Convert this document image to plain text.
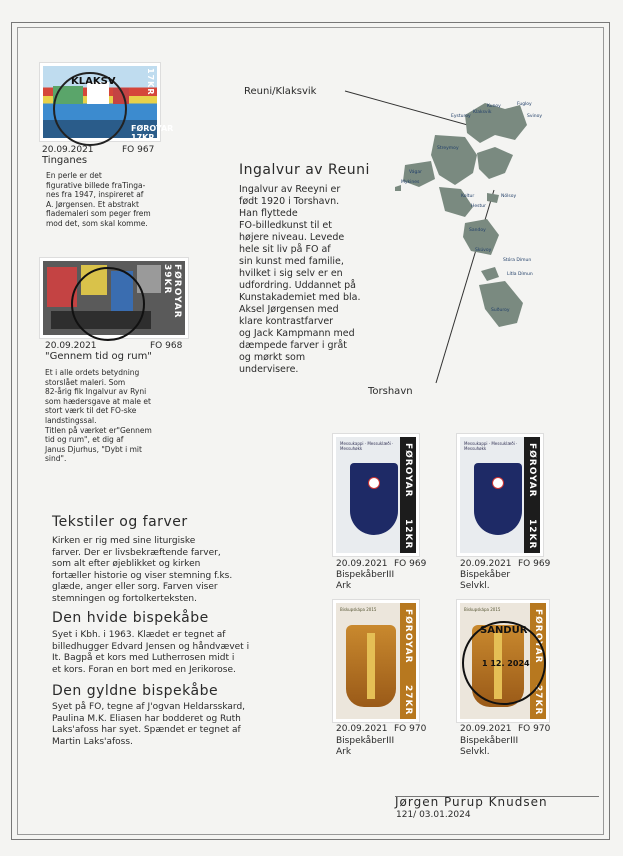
FØROYAR 17KR
17KR
KLAKSV
20.09.2021	FO 967
Tinganes
En perle er det
figurative billede fraTinga-
nes fra 1947, inspireret af
A. Jørgensen. Et abstrakt
flademaleri som peger frem
mod det, som skal komme.
FØROYAR 39KR
20.09.2021	FO 968
"Gennem tid og rum"
Et i alle ordets betydning
storslået maleri. Som
82-årig fik Ingalvur av Ryni
som hædersgave at male et
stort værk til det FO-ske
landstingssal.
Titlen på værket er"Gennem
tid og rum", et dig af
Janus Djurhus, "Dybt i mit
sind".
Ingalvur av Reuni
Ingalvur av Reeyni er
født 1920 i Torshavn.
Han flyttede
FO-billedkunst til et
højere niveau. Levede
hele sit liv på FO af
sin kunst med familie,
hvilket i sig selv er en
udfordring. Uddannet på
Kunstakademiet med bla.
Aksel Jørgensen med
klare kontrastfarver
og Jack Kampmann med
dæmpede farver i gråt
og mørkt som
undervisere.
Reuni/Klaksvik
Torshavn
Kunoy	Fugloy
Eysturoy
Klaksvik
Svinoy
Streymoy
Vágar
Mykines
Koltur
Hestur
Nólsoy
Sandoy
Skúvoy
Stóra Dímun
Lítla Dímun
Suðuroy
Messukappi · Messuklæði · Messuhøkk	FØROYAR
12KR
20.09.2021 FO 969
BispekåberIII
Ark
Messukappi · Messuklæði · Messuhøkk	FØROYAR
12KR
20.09.2021 FO 969
Bispekåber
Selvkl.
Biskupskápa 2015	FØROYAR
27KR
20.09.2021 FO 970
BispekåberIII
Ark
Biskupskápa 2015	FØROYAR
27KR
SANDUR
1 12. 2024
20.09.2021 FO 970
BispekåberIII
Selvkl.
Tekstiler og farver
Kirken er rig med sine liturgiske
farver. Der er livsbekræftende farver,
som alt efter øjeblikket og kirken
fortæller historie og viser stemning f.ks.
glæde, anger eller sorg. Farven viser
stemningen og fortolkerteksten.
Den hvide bispekåbe
Syet i Kbh. i 1963. Klædet er tegnet af
billedhugger Edvard Jensen og håndvævet i
It. Bagpå et kors med Lutherrosen midt i
et kors. Foran en bort med en Jerikorose.
Den gyldne bispekåbe
Syet på FO, tegne af J'ogvan Heldarsskard,
Paulina M.K. Eliasen har bodderet og Ruth
Laks'afoss har syet. Spændet er tegnet af
Martin Laks'afoss.
Jørgen Purup Knudsen
121/ 03.01.2024
